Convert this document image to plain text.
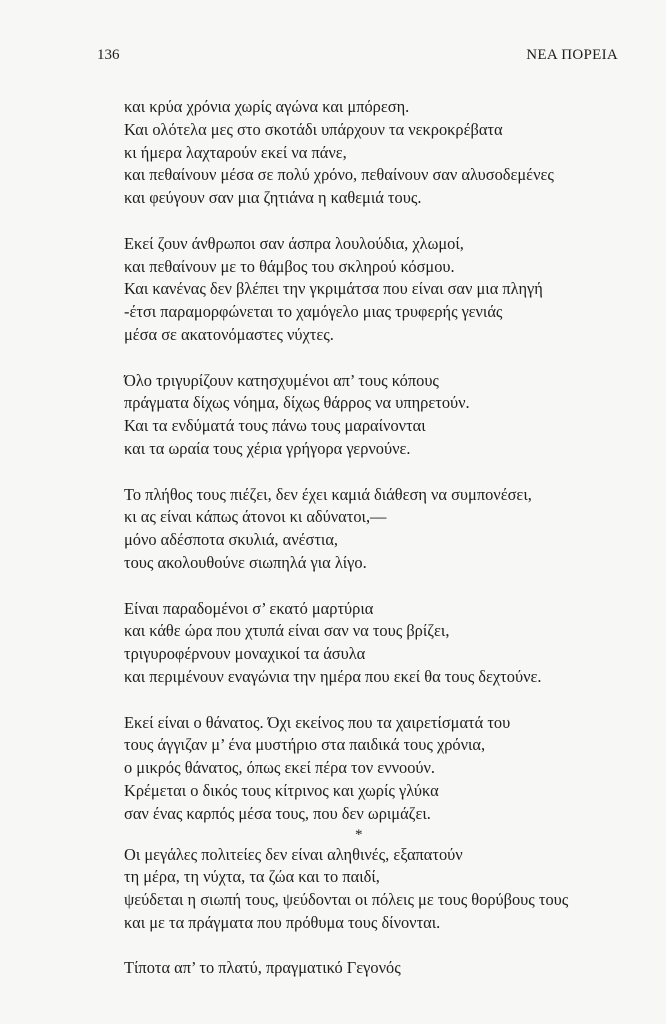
136	ΝΕΑ ΠΟΡΕΙΑ
και κρύα χρόνια χωρίς αγώνα και μπόρεση.
Και ολότελα μες στο σκοτάδι υπάρχουν τα νεκροκρέβατα
κι ήμερα λαχταρούν εκεί να πάνε,
και πεθαίνουν μέσα σε πολύ χρόνο, πεθαίνουν σαν αλυσοδεμένες
και φεύγουν σαν μια ζητιάνα η καθεμιά τους.
Εκεί ζουν άνθρωποι σαν άσπρα λουλούδια, χλωμοί,
και πεθαίνουν με το θάμβος του σκληρού κόσμου.
Και κανένας δεν βλέπει την γκριμάτσα που είναι σαν μια πληγή
-έτσι παραμορφώνεται το χαμόγελο μιας τρυφερής γενιάς
μέσα σε ακατονόμαστες νύχτες.
Όλο τριγυρίζουν κατησχυμένοι απ’ τους κόπους
πράγματα δίχως νόημα, δίχως θάρρος να υπηρετούν.
Και τα ενδύματά τους πάνω τους μαραίνονται
και τα ωραία τους χέρια γρήγορα γερνούνε.
Το πλήθος τους πιέζει, δεν έχει καμιά διάθεση να συμπονέσει,
κι ας είναι κάπως άτονοι κι αδύνατοι,—
μόνο αδέσποτα σκυλιά, ανέστια,
τους ακολουθούνε σιωπηλά για λίγο.
Είναι παραδομένοι σ’ εκατό μαρτύρια
και κάθε ώρα που χτυπά είναι σαν να τους βρίζει,
τριγυροφέρνουν μοναχικοί τα άσυλα
και περιμένουν εναγώνια την ημέρα που εκεί θα τους δεχτούνε.
Εκεί είναι ο θάνατος. Όχι εκείνος που τα χαιρετίσματά του
τους άγγιζαν μ’ ένα μυστήριο στα παιδικά τους χρόνια,
ο μικρός θάνατος, όπως εκεί πέρα τον εννοούν.
Κρέμεται ο δικός τους κίτρινος και χωρίς γλύκα
σαν ένας καρπός μέσα τους, που δεν ωριμάζει.
*
Οι μεγάλες πολιτείες δεν είναι αληθινές, εξαπατούν
τη μέρα, τη νύχτα, τα ζώα και το παιδί,
ψεύδεται η σιωπή τους, ψεύδονται οι πόλεις με τους θορύβους τους
και με τα πράγματα που πρόθυμα τους δίνονται.
Τίποτα απ’ το πλατύ, πραγματικό Γεγονός
